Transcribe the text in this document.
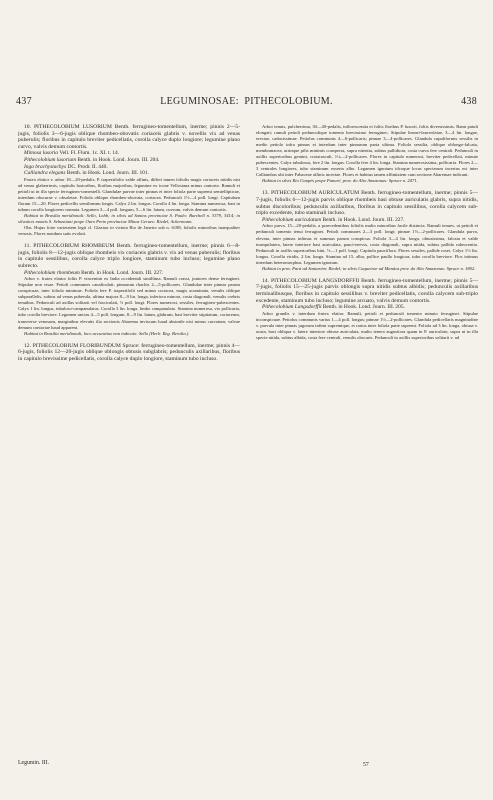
437	LEGUMINOSAE: PITHECOLOBIUM.	438

10. PITHECOLOBIUM LUSORIUM Benth. ferrugineo-tomentellum, inerme; pinnis 2—5-jugis, foliolis 3—6-jugis oblique rhombeo-obovatis coriaceis glabris v. novellis vix ad venas puberulis; floribus in capitulo breviter pedicellatis, corolla calyce duplo longiore; legumine plano curvo, valvis demum contortis.

Mimosa lusoria Vell. Fl. Flum. 1c. XI. t. 14.

Pithecolobium lusorium Benth. in Hook. Lond. Journ. III. 204.

Inga brachystachys DC. Prodr. II. 440.

Calliandra elegans Benth. in Hook. Lond. Journ. III. 101.

Frutex elatior v. arbor 18—20-pedalis, P. trapeziifolio valde affinis, differt tamen foliolis magis coriaceis nitidis nisi ad venas glaberrimis, capitulis laxioribus, floribus majoribus, legumine ex icone Vellosiana minus contorto. Ramuli et petioli ut in illa specie ferrugineo-tomentelli. Glandulae parvae inter pinnas et inter foliola parte supremi semiellipticae, interdum obscurae v. obsoletae. Foliola oblique rhombeo-obovata, coriacea. Pedunculi 1½—4 poll. longi. Capitulum florum 15—20. Flores pedicellis semilineam longis. Calyx 2 lin. longus. Corolla 4 lin. longa. Stamina numerosa, basi in tubum corolla longiorem connata. Legumen 3—4 poll. longum, 5—6 lin. latum, curvum, valvis demum contortis.

Habitat in Brasilia meridionali: Sello, Lobb; in silvis ad Santos provinciae S. Paulo: Burchell n. 3379, 3414; in silvaticis montis S. Sebastiani prope Ouro Preto provinciae Minas Geraes: Riedel, Ackermann.

Obs. Hujus forte varietatem legit cl. Glaziou in vicinia Rio de Janeiro sub n. 6188, foliolis minoribus inaequaliter venosis. Flores nondum satis evoluti.

11. PITHECOLOBIUM RHOMBEUM Benth. ferrugineo-tomentellum, inerme; pinnis 6—8-jugis, foliolis 8—12-jugis oblique rhombeis vix coriaceis glabris v. vix ad venas puberulis; floribus in capitulo sessilibus, corolla calyce triplo longiore, staminum tubo incluso; legumine plano subrecto.

Pithecolobium rhombeum Benth. in Hook. Lond. Journ. III. 227.

Arbor v. frutex elatior foliis P. vincentini ex India occidentali simillima. Ramuli crassi, juniores dense ferruginei. Stipulae non visae. Petioli communes canaliculati; pinnarum rhachis 2—5-pollicares. Glandulae inter pinnas parum conspicuae, inter foliola minimae. Foliola fere P. trapeziifolii sed minus coriacea, magis acuminata, venulis oblique subparallelis, subtus ad venas puberula, ultima majora 8—9 lin. longa, inferiora minora, costa diagonali, venulis crebris tenuibus. Pedunculi ad axillas solitarii vel fasciculati, ½ poll. longi. Flores numerosi, sessiles, ferrugineo-pubescentes. Calyx 1 lin. longus, tubuloso-campanulatus. Corolla 3 lin. longa, limbo campanulato. Stamina numerosa, vix pollicaria, tubo corolla breviore. Legumen uncias 4—5 poll. longum, 8—9 lin. latum, glabrum, basi breviter stipitatum, coriaceum, transverse venosum, marginibus elevatis ilia sectionis Abarema inviscum haud absimile nisi minus curvatum; valvae demum contortae haud apparent.

Habitat in Brasilia meridionali, loco accuratius non indicato: Sello (Herb. Reg. Berolin.).

12. PITHECOLOBIUM FLORIBUNDUM Spruce: ferrugineo-tomentellum, inerme; pinnis 4—6-jugis, foliolis 12—20-jugis oblique oblongis obtusis subglabris; pedunculis axillaribus, floribus in capitulo brevissime pedicellatis, corolla calyce duplo longiore, staminum tubo incluso.

Arbor tenuis, pulcherrima, 30—40-pedalis, inflorescentia et foliis floribus P. lusorii, foliis diversissimis. Rami patuli elongati; ramuli petioli pedunculique tomento brevissimo ferrugineo. Stipulae lineari-lanceolatae, 3—4 lin. longae, erectae, caducissimae. Petiolus communis 4—6-pollicaris; pinnae 3—4-pollicares. Glandula cupuliformis sessilis in medio petiolo infra pinnas et interdum inter pinnarum paria ultima. Foliola sessilia, oblique oblongo-falcata, membranacea, utrinque pilis minimis conspersa, supra nitentia, subtus pallidiora, costa curva fere centrali. Pedunculi in axillis superioribus gemini, crassiusculi, 1¼—2-pollicares. Flores in capitulo numerosi, breviter pedicellati, minute pubescentes. Calyx tubulosus, fere 2 lin. longus. Corolla fere 4 lin. longa. Stamina numerosissima, pollicaria. Flores 2—3 centrales longiores, tubo staminum exserto albo. Legumen ignotum idcoque locus specierum incertus est inter Calliandras ubi inter Fabaceae affinis incertae. Flores et habitus tamen affinitatem cum sectione Abaremae indicant.

Habitat in silvis Rio Uaupés prope Panuré, prov. do Alto Amazonas: Spruce n. 2471.

13. PITHECOLOBIUM AURICULATUM Benth. ferrugineo-tomentellum, inerme; pinnis 5—7-jugis, foliolis 6—12-jugis parvis oblique rhombeis basi obtuse auriculatis glabris, supra nitidis, subtus discoloribus; pedunculis axillaribus, floribus in capitulo sessilibus, corolla calycem sub-triplo excedente, tubo staminali incluso.

Pithecolobium auriculatum Benth. in Hook. Lond. Journ. III. 227.

Arbor parva, 15—20-pedalis, a praecedentibus foliolis multo minoribus facile distincta. Ramuli tenues, ut petioli et pedunculi tomento tenui ferruginei. Petioli communes 2—3 poll. longi; pinnae 1½—2-pollicares. Glandula parva, elevata, inter pinnas infimas et summas parum conspicua. Foliola 3—4 lin. longa, obtusissima, falcata et valde inaequilatera, latere interiore basi auriculata, pauci-nervia, costa diagonali, supra nitida, subtus pallida rubescentia. Pedunculi in axillis superioribus bini, ½—1 poll. longi. Capitula pauciflora. Flores sessiles, pallide rosei. Calyx 1½ lin. longus. Corolla viridis, 2 lin. longa. Stamina ad 15, alba, pollice paullo longiora, tubo corolla breviore. Flos intimus interdum heteromorphus. Legumen ignotum.

Habitat in prov. Pará ad Santarém: Riedel; in silvis Caqueirae ad Manáos prov. do Alto Amazonas: Spruce n. 1802.

14. PITHECOLOBIUM LANGSDORFFII Benth. ferrugineo-tomentellum, inerme; pinnis 5—7-jugis, foliolis 15—25-jugis parvis oblongis supra nitidis subtus albidis; pedunculis axillaribus terminalibusque, floribus in capitulo sessilibus v. breviter pedicellatis, corolla calycem sub-triplo excedente, staminum tubo incluso; legumine arcuato, valvis demum contortis.

Pithecolobium Langsdorffii Benth. in Hook. Lond. Journ. III. 205.

Arbor grandis v. interdum frutex elatior. Ramuli, petioli et pedunculi tomento minuto ferruginei. Stipulae inconspicuae. Petiolus communis varius 1—4 poll. longus; pinnae 1½—2-pollicares. Glandula pedicellaris magnitudine v. parvula inter pinnas jugorum infimi supremique, et rarius inter foliola parte supremi. Foliola ad 3 lin. longa, obtusa v. acuta, basi obliqua v. latere interiore obtuse auriculata, multo tenera augustiora quam in P. auriculato; supra ut in illa specie nitida, subtus albida, costa fere centrali, venulis obscuris. Pedunculi in axillis superioribus solitarii v. ad

Legumin. III.	57
